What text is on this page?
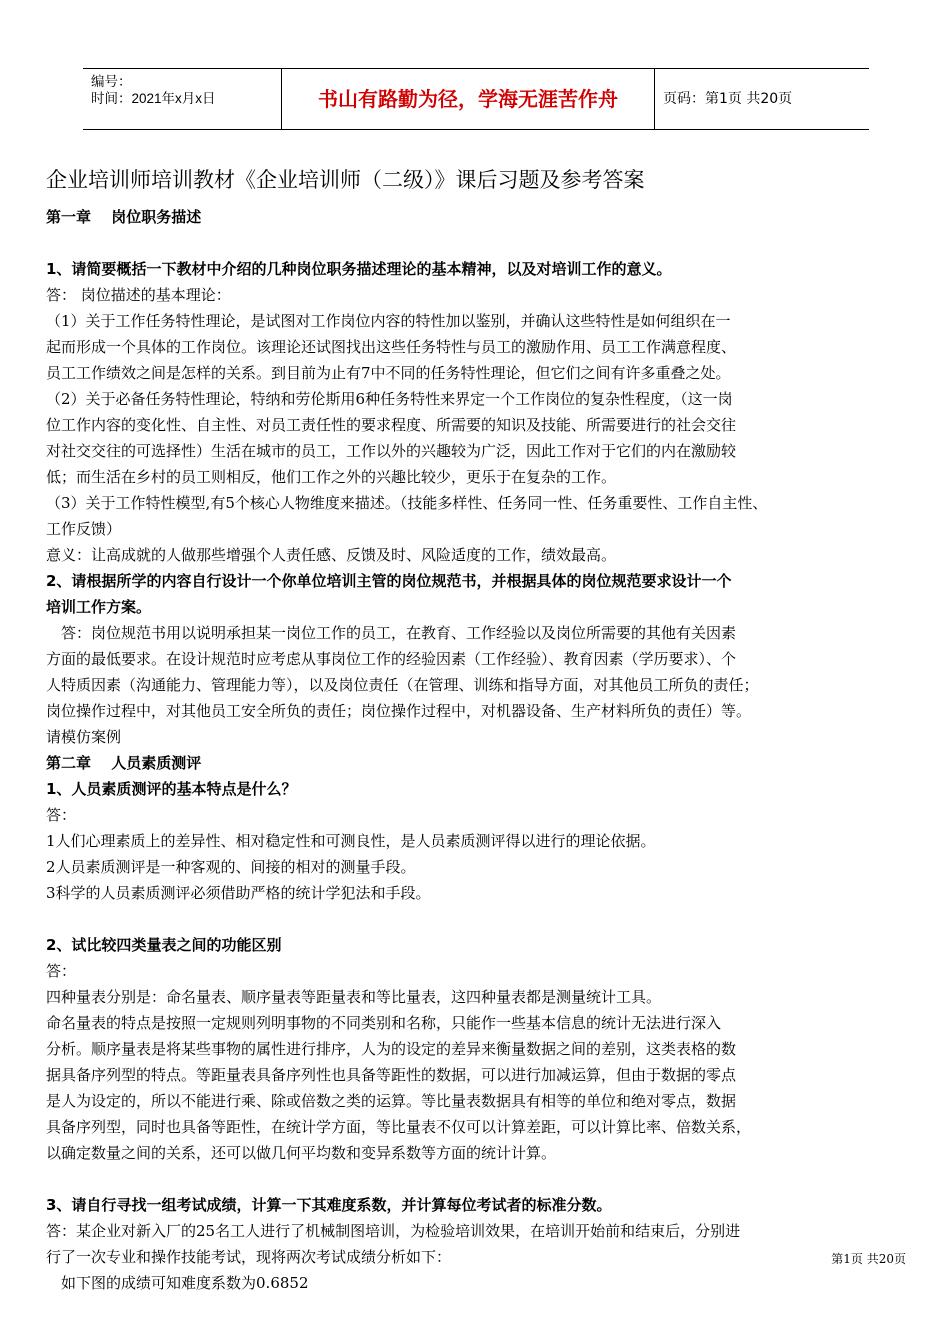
编号：
时间：2021年x月x日	书山有路勤为径，学海无涯苦作舟	页码：第1页 共20页
企业培训师培训教材《企业培训师（二级）》课后习题及参考答案

第一章　 岗位职务描述

1、请简要概括一下教材中介绍的几种岗位职务描述理论的基本精神，以及对培训工作的意义。

答： 岗位描述的基本理论：

（1）关于工作任务特性理论，是试图对工作岗位内容的特性加以鉴别，并确认这些特性是如何组织在一

起而形成一个具体的工作岗位。该理论还试图找出这些任务特性与员工的激励作用、员工工作满意程度、

员工工作绩效之间是怎样的关系。到目前为止有7中不同的任务特性理论，但它们之间有许多重叠之处。

（2）关于必备任务特性理论，特纳和劳伦斯用6种任务特性来界定一个工作岗位的复杂性程度，（这一岗

位工作内容的变化性、自主性、对员工责任性的要求程度、所需要的知识及技能、所需要进行的社会交往

对社交交往的可选择性）生活在城市的员工，工作以外的兴趣较为广泛，因此工作对于它们的内在激励较

低；而生活在乡村的员工则相反，他们工作之外的兴趣比较少，更乐于在复杂的工作。

（3）关于工作特性模型,有5个核心人物维度来描述。（技能多样性、任务同一性、任务重要性、工作自主性、

工作反馈）

意义：让高成就的人做那些增强个人责任感、反馈及时、风险适度的工作，绩效最高。

2、请根据所学的内容自行设计一个你单位培训主管的岗位规范书，并根据具体的岗位规范要求设计一个

培训工作方案。

　答：岗位规范书用以说明承担某一岗位工作的员工，在教育、工作经验以及岗位所需要的其他有关因素

方面的最低要求。在设计规范时应考虑从事岗位工作的经验因素（工作经验）、教育因素（学历要求）、个

人特质因素（沟通能力、管理能力等），以及岗位责任（在管理、训练和指导方面，对其他员工所负的责任；

岗位操作过程中，对其他员工安全所负的责任；岗位操作过程中，对机器设备、生产材料所负的责任）等。

请模仿案例

第二章　 人员素质测评

1、人员素质测评的基本特点是什么？

答：

1人们心理素质上的差异性、相对稳定性和可测良性，是人员素质测评得以进行的理论依据。

2人员素质测评是一种客观的、间接的相对的测量手段。

3科学的人员素质测评必须借助严格的统计学犯法和手段。

2、试比较四类量表之间的功能区别

答：

四种量表分别是：命名量表、顺序量表等距量表和等比量表，这四种量表都是测量统计工具。

命名量表的特点是按照一定规则列明事物的不同类别和名称，只能作一些基本信息的统计无法进行深入

分析。顺序量表是将某些事物的属性进行排序，人为的设定的差异来衡量数据之间的差别，这类表格的数

据具备序列型的特点。等距量表具备序列性也具备等距性的数据，可以进行加减运算，但由于数据的零点

是人为设定的，所以不能进行乘、除或倍数之类的运算。等比量表数据具有相等的单位和绝对零点，数据

具备序列型，同时也具备等距性，在统计学方面，等比量表不仅可以计算差距，可以计算比率、倍数关系，

以确定数量之间的关系，还可以做几何平均数和变异系数等方面的统计计算。

3、请自行寻找一组考试成绩，计算一下其难度系数，并计算每位考试者的标准分数。

答：某企业对新入厂的25名工人进行了机械制图培训，为检验培训效果，在培训开始前和结束后，分别进

行了一次专业和操作技能考试，现将两次考试成绩分析如下：

　如下图的成绩可知难度系数为0.6852

第1页 共20页
